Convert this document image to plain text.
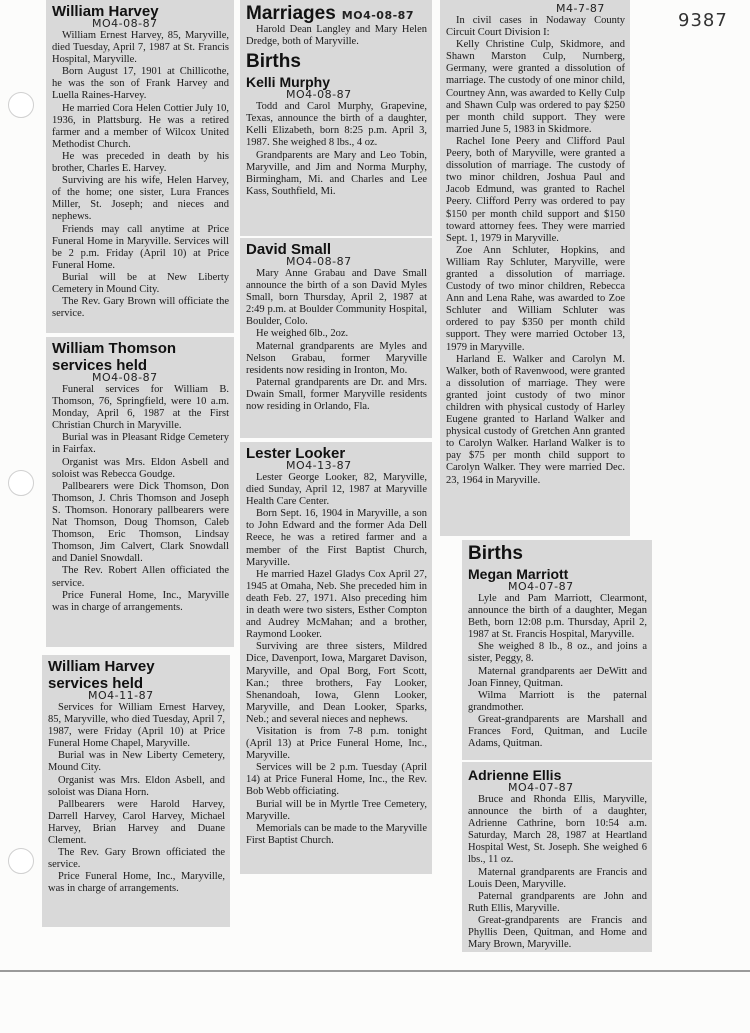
9387
William Harvey
MO4-08-87

William Ernest Harvey, 85, Maryville, died Tuesday, April 7, 1987 at St. Francis Hospital, Maryville.

Born August 17, 1901 at Chillicothe, he was the son of Frank Harvey and Luella Raines-Harvey.

He married Cora Helen Cottier July 10, 1936, in Plattsburg. He was a retired farmer and a member of Wilcox United Methodist Church.

He was preceded in death by his brother, Charles E. Harvey.

Surviving are his wife, Helen Harvey, of the home; one sister, Lura Frances Miller, St. Joseph; and nieces and nephews.

Friends may call anytime at Price Funeral Home in Maryville. Services will be 2 p.m. Friday (April 10) at Price Funeral Home.

Burial will be at New Liberty Cemetery in Mound City.

The Rev. Gary Brown will officiate the service.

William Thomson
services held
MO4-08-87

Funeral services for William B. Thomson, 76, Springfield, were 10 a.m. Monday, April 6, 1987 at the First Christian Church in Maryville.

Burial was in Pleasant Ridge Cemetery in Fairfax.

Organist was Mrs. Eldon Asbell and soloist was Rebecca Goudge.

Pallbearers were Dick Thomson, Don Thomson, J. Chris Thomson and Joseph S. Thomson. Honorary pallbearers were Nat Thomson, Doug Thomson, Caleb Thomson, Eric Thomson, Lindsay Thomson, Jim Calvert, Clark Snowdall and Daniel Snowdall.

The Rev. Robert Allen officiated the service.

Price Funeral Home, Inc., Maryville was in charge of arrangements.

William Harvey
services held
MO4-11-87

Services for William Ernest Harvey, 85, Maryville, who died Tuesday, April 7, 1987, were Friday (April 10) at Price Funeral Home Chapel, Maryville.

Burial was in New Liberty Cemetery, Mound City.

Organist was Mrs. Eldon Asbell, and soloist was Diana Horn.

Pallbearers were Harold Harvey, Darrell Harvey, Carol Harvey, Michael Harvey, Brian Harvey and Duane Clement.

The Rev. Gary Brown officiated the service.

Price Funeral Home, Inc., Maryville, was in charge of arrangements.

Marriages MO4-08-87

Harold Dean Langley and Mary Helen Dredge, both of Maryville.

Births
Kelli Murphy
MO4-08-87

Todd and Carol Murphy, Grapevine, Texas, announce the birth of a daughter, Kelli Elizabeth, born 8:25 p.m. April 3, 1987. She weighed 8 lbs., 4 oz.

Grandparents are Mary and Leo Tobin, Maryville, and Jim and Norma Murphy, Birmingham, Mi. and Charles and Lee Kass, Southfield, Mi.

David Small
MO4-08-87

Mary Anne Grabau and Dave Small announce the birth of a son David Myles Small, born Thursday, April 2, 1987 at 2:49 p.m. at Boulder Community Hospital, Boulder, Colo.

He weighed 6lb., 2oz.

Maternal grandparents are Myles and Nelson Grabau, former Maryville residents now residing in Ironton, Mo.

Paternal grandparents are Dr. and Mrs. Dwain Small, former Maryville residents now residing in Orlando, Fla.

Lester Looker
MO4-13-87

Lester George Looker, 82, Maryville, died Sunday, April 12, 1987 at Maryville Health Care Center.

Born Sept. 16, 1904 in Maryville, a son to John Edward and the former Ada Dell Reece, he was a retired farmer and a member of the First Baptist Church, Maryville.

He married Hazel Gladys Cox April 27, 1945 at Omaha, Neb. She preceded him in death Feb. 27, 1971. Also preceding him in death were two sisters, Esther Compton and Audrey McMahan; and a brother, Raymond Looker.

Surviving are three sisters, Mildred Dice, Davenport, Iowa, Margaret Davison, Maryville, and Opal Borg, Fort Scott, Kan.; three brothers, Fay Looker, Shenandoah, Iowa, Glenn Looker, Maryville, and Dean Looker, Sparks, Neb.; and several nieces and nephews.

Visitation is from 7-8 p.m. tonight (April 13) at Price Funeral Home, Inc., Maryville.

Services will be 2 p.m. Tuesday (April 14) at Price Funeral Home, Inc., the Rev. Bob Webb officiating.

Burial will be in Myrtle Tree Cemetery, Maryville.

Memorials can be made to the Maryville First Baptist Church.

M4-7-87

In civil cases in Nodaway County Circuit Court Division I:

Kelly Christine Culp, Skidmore, and Shawn Marston Culp, Nurnberg, Germany, were granted a dissolution of marriage. The custody of one minor child, Courtney Ann, was awarded to Kelly Culp and Shawn Culp was ordered to pay $250 per month child support. They were married June 5, 1983 in Skidmore.

Rachel Ione Peery and Clifford Paul Peery, both of Maryville, were granted a dissolution of marriage. The custody of two minor children, Joshua Paul and Jacob Edmund, was granted to Rachel Peery. Clifford Perry was ordered to pay $150 per month child support and $150 toward attorney fees. They were married Sept. 1, 1979 in Maryville.

Zoe Ann Schluter, Hopkins, and William Ray Schluter, Maryville, were granted a dissolution of marriage. Custody of two minor children, Rebecca Ann and Lena Rahe, was awarded to Zoe Schluter and William Schluter was ordered to pay $350 per month child support. They were married October 13, 1979 in Maryville.

Harland E. Walker and Carolyn M. Walker, both of Ravenwood, were granted a dissolution of marriage. They were granted joint custody of two minor children with physical custody of Harley Eugene granted to Harland Walker and physical custody of Gretchen Ann granted to Carolyn Walker. Harland Walker is to pay $75 per month child support to Carolyn Walker. They were married Dec. 23, 1964 in Maryville.

Births
Megan Marriott
MO4-07-87

Lyle and Pam Marriott, Clearmont, announce the birth of a daughter, Megan Beth, born 12:08 p.m. Thursday, April 2, 1987 at St. Francis Hospital, Maryville.

She weighed 8 lb., 8 oz., and joins a sister, Peggy, 8.

Maternal grandparents aer DeWitt and Joan Finney, Quitman.

Wilma Marriott is the paternal grandmother.

Great-grandparents are Marshall and Frances Ford, Quitman, and Lucile Adams, Quitman.

Adrienne Ellis
MO4-07-87

Bruce and Rhonda Ellis, Maryville, announce the birth of a daughter, Adrienne Cathrine, born 10:54 a.m. Saturday, March 28, 1987 at Heartland Hospital West, St. Joseph. She weighed 6 lbs., 11 oz.

Maternal grandparents are Francis and Louis Deen, Maryville.

Paternal grandparents are John and Ruth Ellis, Maryville.

Great-grandparents are Francis and Phyllis Deen, Quitman, and Home and Mary Brown, Maryville.
